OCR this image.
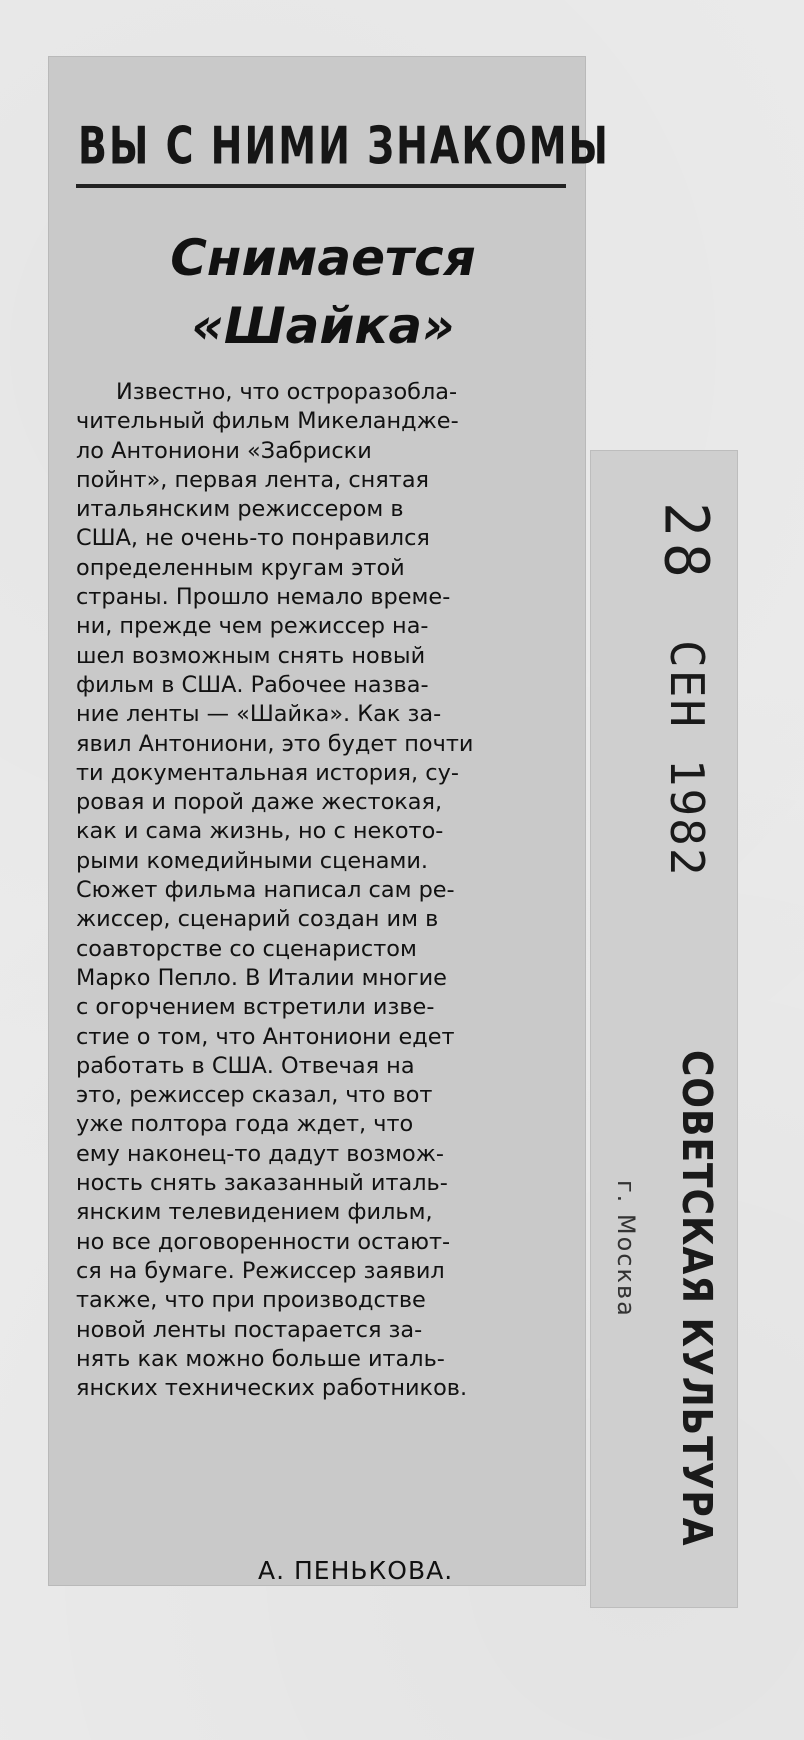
ВЫ С НИМИ ЗНАКОМЫ
Снимается
«Шайка»
Известно, что остроразобла-
чительный фильм Микеланджe-
ло Антониони «Забриски
пойнт», первая лента, снятая
итальянским режиссером в
США, не очень-то понравился
определенным кругам этой
страны. Прошло немало време-
ни, прежде чем режиссер на-
шел возможным снять новый
фильм в США. Рабочее назва-
ние ленты — «Шайка». Как за-
явил Антониони, это будет почти
ти документальная история, су-
ровая и порой даже жестокая,
как и сама жизнь, но с некото-
рыми комедийными сценами.
Сюжет фильма написал сам ре-
жиссер, сценарий создан им в
соавторстве со сценаристом
Марко Пепло. В Италии многие
с огорчением встретили изве-
стие о том, что Антониони едет
работать в США. Отвечая на
это, режиссер сказал, что вот
уже полтора года ждет, что
ему наконец-то дадут возмож-
ность снять заказанный италь-
янским телевидением фильм,
но все договоренности остают-
ся на бумаге. Режиссер заявил
также, что при производстве
новой ленты постарается за-
нять как можно больше италь-
янских технических работников.
А. ПЕНЬКОВА.
28
СЕН 1982
СОВЕТСКАЯ КУЛЬТУРА
г. Москва
